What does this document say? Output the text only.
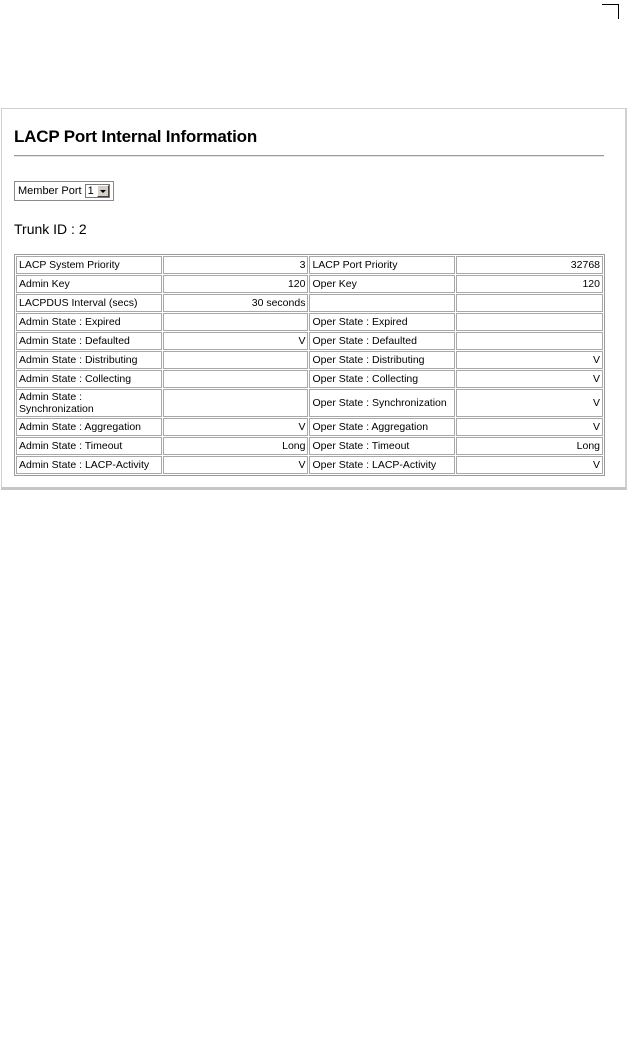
LACP Port Internal Information
Member Port 1
Trunk ID : 2
LACP System Priority	3	LACP Port Priority	32768
Admin Key	120	Oper Key	120
LACPDUS Interval (secs)	30 seconds		
Admin State : Expired		Oper State : Expired	
Admin State : Defaulted	V	Oper State : Defaulted	
Admin State : Distributing		Oper State : Distributing	V
Admin State : Collecting		Oper State : Collecting	V
Admin State : Synchronization		Oper State : Synchronization	V
Admin State : Aggregation	V	Oper State : Aggregation	V
Admin State : Timeout	Long	Oper State : Timeout	Long
Admin State : LACP-Activity	V	Oper State : LACP-Activity	V
